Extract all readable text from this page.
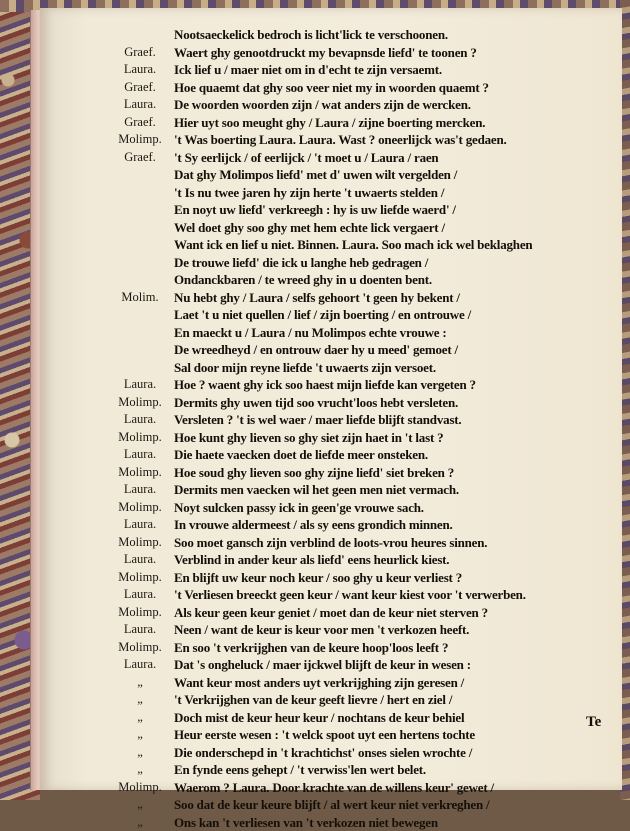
Nootsaeckelick bedroch is licht'lick te verschoonen.
Graef.	Waert ghy genootdruckt my bevapnsde liefd' te toonen ?
Laura.	Ick lief u / maer niet om in d'echt te zijn versaemt.
Graef.	Hoe quaemt dat ghy soo veer niet my in woorden quaemt ?
Laura.	De woorden woorden zijn / wat anders zijn de wercken.
Graef.	Hier uyt soo meught ghy / Laura / zijne boerting mercken.
Molimp. 't Was boerting Laura. Laura. Wast ? oneerlijck was't gedaen.
Graef.	't Sy eerlijck / of eerlijck / 't moet u / Laura / raen
Dat ghy Molimpos liefd' met d' uwen wilt vergelden /
't Is nu twee jaren hy zijn herte 't uwaerts stelden /
En noyt uw liefd' verkreegh : hy is uw liefde waerd' /
Wel doet ghy soo ghy met hem echte lick vergaert /
Want ick en lief u niet. Binnen. Laura. Soo mach ick wel beklaghen
De trouwe liefd' die ick u langhe heb gedragen /
Ondanckbaren / te wreed ghy in u doenten bent.
Molim.	Nu hebt ghy / Laura / selfs gehoort 't geen hy bekent /
Laet 't u niet quellen / lief / zijn boerting / en ontrouwe /
En maeckt u / Laura / nu Molimpos echte vrouwe :
De wreedheyd / en ontrouw daer hy u meed' gemoet /
Sal door mijn reyne liefde 't uwaerts zijn versoet.
Laura.	Hoe ? waent ghy ick soo haest mijn liefde kan vergeten ?
Molimp. Dermits ghy uwen tijd soo vrucht'loos hebt versleten.
Laura.	Versleten ? 't is wel waer / maer liefde blijft standvast.
Molimp. Hoe kunt ghy lieven so ghy siet zijn haet in 't last ?
Laura.	Die haete vaecken doet de liefde meer onsteken.
Molimp. Hoe soud ghy lieven soo ghy zijne liefd' siet breken ?
Laura.	Dermits men vaecken wil het geen men niet vermach.
Molimp. Noyt sulcken passy ick in geen'ge vrouwe sach.
Laura.	In vrouwe aldermeest / als sy eens grondich minnen.
Molimp. Soo moet gansch zijn verblind de loots-vrou heures sinnen.
Laura.	Verblind in ander keur als liefd' eens heurlick kiest.
Molimp. En blijft uw keur noch keur / soo ghy u keur verliest ?
Laura.	't Verliesen breeckt geen keur / want keur kiest voor 't verwerben.
Molimp. Als keur geen keur geniet / moet dan de keur niet sterven ?
Laura.	Neen / want de keur is keur voor men 't verkozen heeft.
Molimp. En soo 't verkrijghen van de keure hoop'loos leeft ?
Laura.	Dat 's ongheluck / maer ijckwel blijft de keur in wesen :
„	Want keur most anders uyt verkrijghing zijn geresen /
„	't Verkrijghen van de keur geeft lievre / hert en ziel /
„	Doch mist de keur heur keur / nochtans de keur behiel
„	Heur eerste wesen : 't welck spoot uyt een hertens tochte
„	Die onderschepd in 't krachtichst' onses sielen wrochte /
„	En fynde eens gehept / 't verwiss'len wert belet.
Molimp. Waerom ? Laura. Door krachte van de willens keur' gewet /
„	Soo dat de keur keure blijft / al wert keur niet verkreghen /
„	Ons kan 't verliesen van 't verkozen niet bewegen
Te
